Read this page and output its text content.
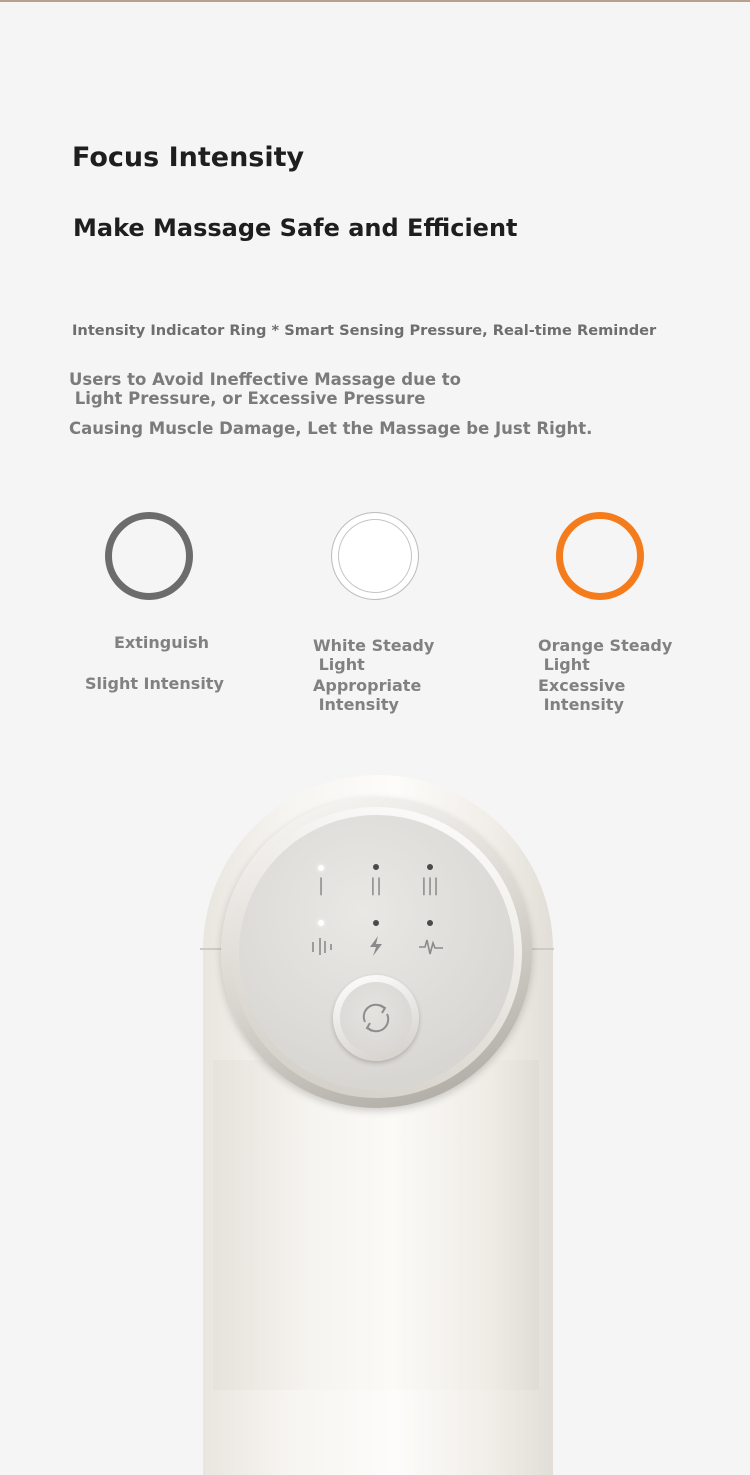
Focus Intensity
Make Massage Safe and Efficient
Intensity Indicator Ring * Smart Sensing Pressure, Real-time Reminder
Users to Avoid Ineffective Massage due to
Light Pressure, or Excessive Pressure
Causing Muscle Damage, Let the Massage be Just Right.
Extinguish
Slight Intensity
White Steady
Light
Appropriate
Intensity
Orange Steady
Light
Excessive
Intensity
|	||	|||
